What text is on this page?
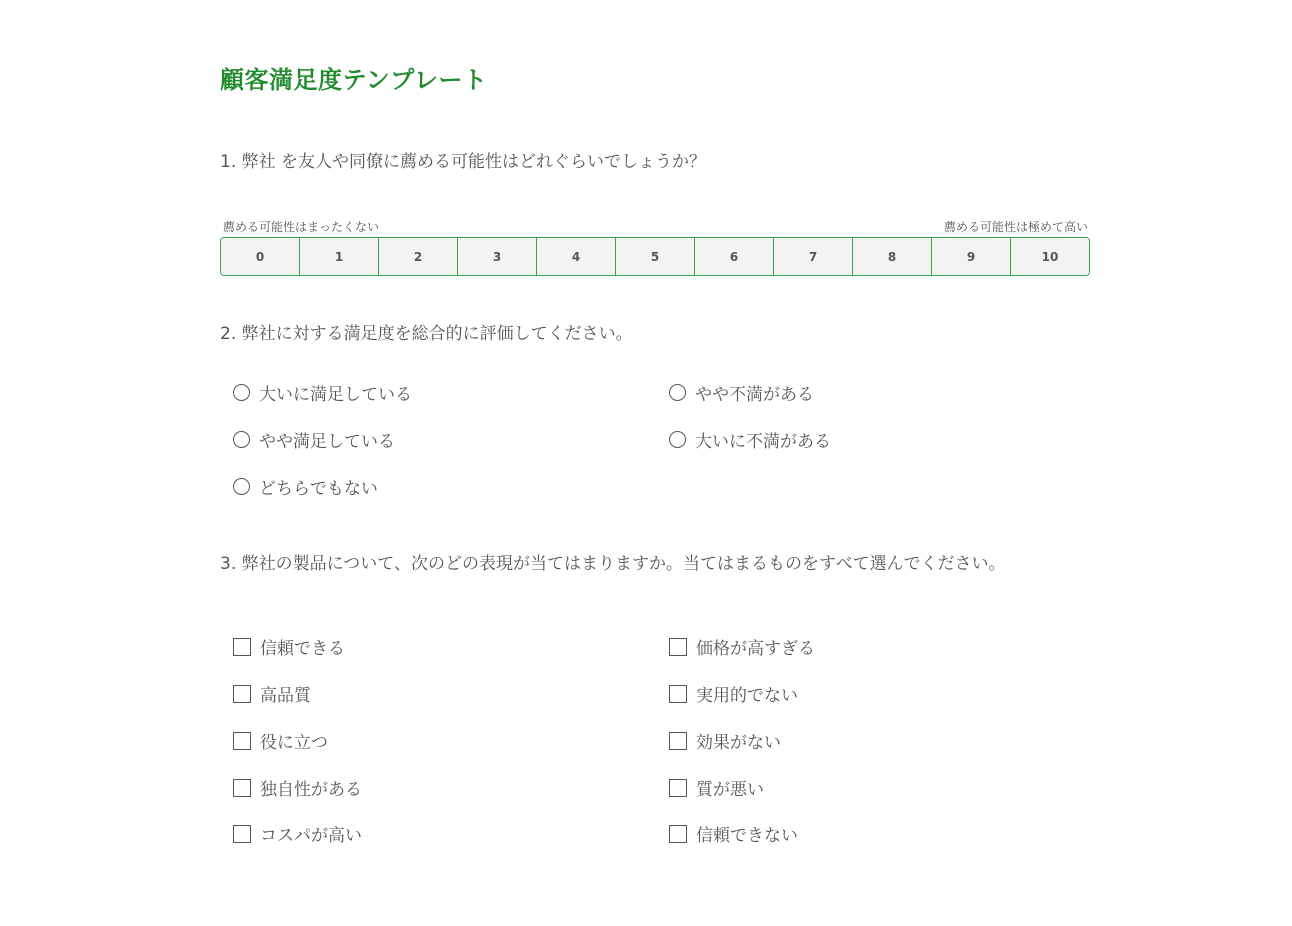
顧客満足度テンプレート
1. 弊社 を友人や同僚に薦める可能性はどれぐらいでしょうか？
薦める可能性はまったくない	薦める可能性は極めて高い
0	1	2	3	4	5	6	7	8	9	10
2. 弊社に対する満足度を総合的に評価してください。
大いに満足している
やや満足している
どちらでもない
やや不満がある
大いに不満がある
3. 弊社の製品について、次のどの表現が当てはまりますか。当てはまるものをすべて選んでください。
信頼できる
高品質
役に立つ
独自性がある
コスパが高い
価格が高すぎる
実用的でない
効果がない
質が悪い
信頼できない
